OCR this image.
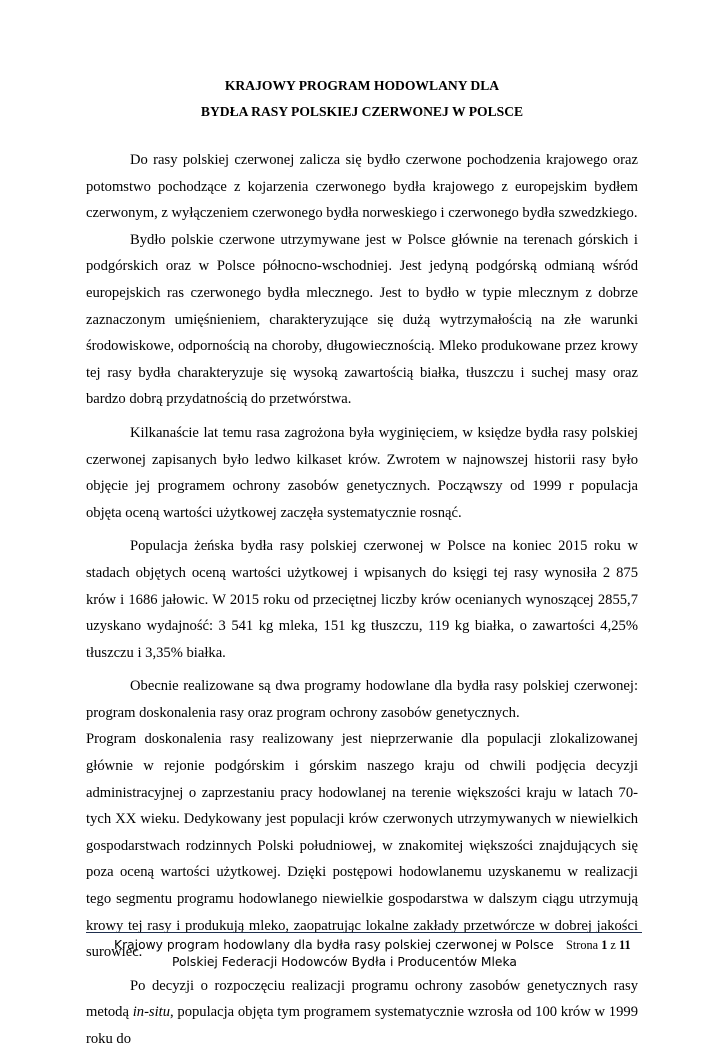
KRAJOWY PROGRAM HODOWLANY DLA
BYDŁA RASY POLSKIEJ CZERWONEJ W POLSCE

Do rasy polskiej czerwonej zalicza się bydło czerwone pochodzenia krajowego oraz potomstwo pochodzące z kojarzenia czerwonego bydła krajowego z europejskim bydłem czerwonym, z wyłączeniem czerwonego bydła norweskiego i czerwonego bydła szwedzkiego.

Bydło polskie czerwone utrzymywane jest w Polsce głównie na terenach górskich i podgórskich oraz w Polsce północno-wschodniej. Jest jedyną podgórską odmianą wśród europejskich ras czerwonego bydła mlecznego. Jest to bydło w typie mlecznym z dobrze zaznaczonym umięśnieniem, charakteryzujące się dużą wytrzymałością na złe warunki środowiskowe, odpornością na choroby, długowiecznością. Mleko produkowane przez krowy tej rasy bydła charakteryzuje się wysoką zawartością białka, tłuszczu i suchej masy oraz bardzo dobrą przydatnością do przetwórstwa.

Kilkanaście lat temu rasa zagrożona była wyginięciem, w księdze bydła rasy polskiej czerwonej zapisanych było ledwo kilkaset krów. Zwrotem w najnowszej historii rasy było objęcie jej programem ochrony zasobów genetycznych. Począwszy od 1999 r populacja objęta oceną wartości użytkowej zaczęła systematycznie rosnąć.

Populacja żeńska bydła rasy polskiej czerwonej w Polsce na koniec 2015 roku w stadach objętych oceną wartości użytkowej i wpisanych do księgi tej rasy wynosiła 2 875 krów i 1686 jałowic. W 2015 roku od przeciętnej liczby krów ocenianych wynoszącej 2855,7 uzyskano wydajność: 3 541 kg mleka, 151 kg tłuszczu, 119 kg białka, o zawartości 4,25% tłuszczu i 3,35% białka.

Obecnie realizowane są dwa programy hodowlane dla bydła rasy polskiej czerwonej: program doskonalenia rasy oraz program ochrony zasobów genetycznych.

Program doskonalenia rasy realizowany jest nieprzerwanie dla populacji zlokalizowanej głównie w rejonie podgórskim i górskim naszego kraju od chwili podjęcia decyzji administracyjnej o zaprzestaniu pracy hodowlanej na terenie większości kraju w latach 70-tych XX wieku. Dedykowany jest populacji krów czerwonych utrzymywanych w niewielkich gospodarstwach rodzinnych Polski południowej, w znakomitej większości znajdujących się poza oceną wartości użytkowej. Dzięki postępowi hodowlanemu uzyskanemu w realizacji tego segmentu programu hodowlanego niewielkie gospodarstwa w dalszym ciągu utrzymują krowy tej rasy i produkują mleko, zaopatrując lokalne zakłady przetwórcze w dobrej jakości surowiec.

Po decyzji o rozpoczęciu realizacji programu ochrony zasobów genetycznych rasy metodą in-situ, populacja objęta tym programem systematycznie wzrosła od 100 krów w 1999 roku do

Krajowy program hodowlany dla bydła rasy polskiej czerwonej w Polsce
Polskiej Federacji Hodowców Bydła i Producentów Mleka
Strona 1 z 11
